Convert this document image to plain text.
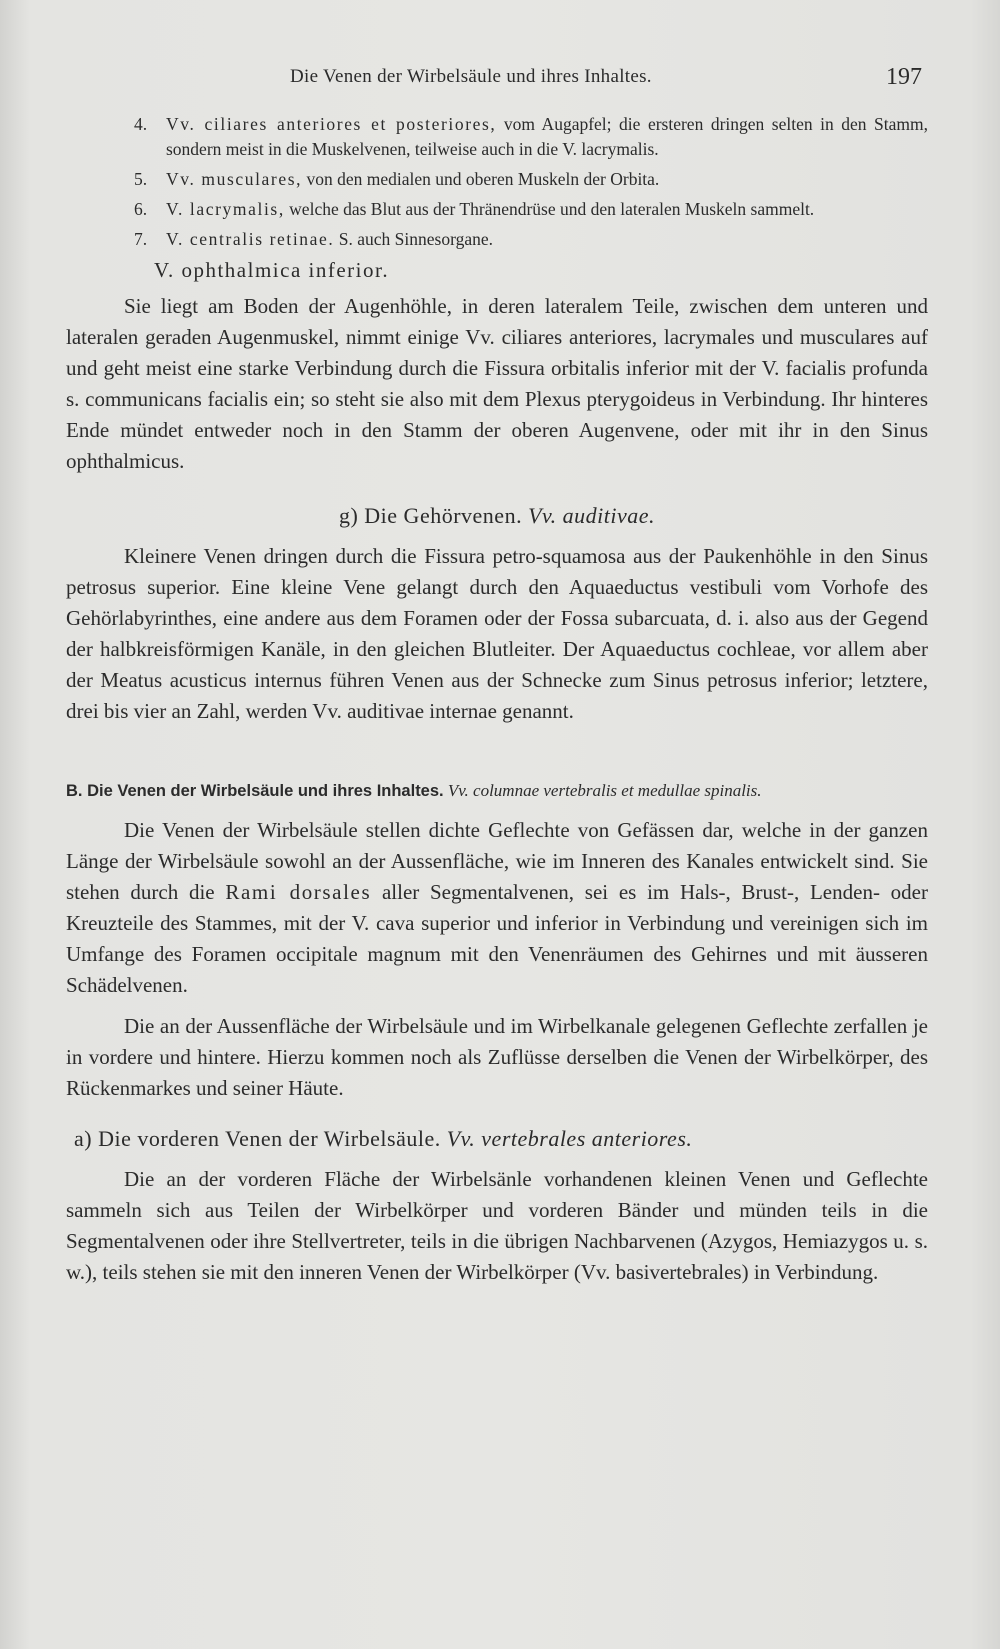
Die Venen der Wirbelsäule und ihres Inhaltes.	197
4. Vv. ciliares anteriores et posteriores, vom Augapfel; die ersteren dringen selten in den Stamm, sondern meist in die Muskelvenen, teilweise auch in die V. lacrymalis.
5. Vv. musculares, von den medialen und oberen Muskeln der Orbita.
6. V. lacrymalis, welche das Blut aus der Thränendrüse und den lateralen Muskeln sammelt.
7. V. centralis retinae. S. auch Sinnesorgane.
V. ophthalmica inferior.

Sie liegt am Boden der Augenhöhle, in deren lateralem Teile, zwischen dem unteren und lateralen geraden Augenmuskel, nimmt einige Vv. ciliares anteriores, lacrymales und musculares auf und geht meist eine starke Verbindung durch die Fissura orbitalis inferior mit der V. facialis profunda s. communicans facialis ein; so steht sie also mit dem Plexus pterygoideus in Verbindung. Ihr hinteres Ende mündet entweder noch in den Stamm der oberen Augenvene, oder mit ihr in den Sinus ophthalmicus.

g) Die Gehörvenen. Vv. auditivae.

Kleinere Venen dringen durch die Fissura petro-squamosa aus der Paukenhöhle in den Sinus petrosus superior. Eine kleine Vene gelangt durch den Aquaeductus vestibuli vom Vorhofe des Gehörlabyrinthes, eine andere aus dem Foramen oder der Fossa subarcuata, d. i. also aus der Gegend der halbkreisförmigen Kanäle, in den gleichen Blutleiter. Der Aquaeductus cochleae, vor allem aber der Meatus acusticus internus führen Venen aus der Schnecke zum Sinus petrosus inferior; letztere, drei bis vier an Zahl, werden Vv. auditivae internae genannt.

B. Die Venen der Wirbelsäule und ihres Inhaltes. Vv. columnae vertebralis et medullae spinalis.

Die Venen der Wirbelsäule stellen dichte Geflechte von Gefässen dar, welche in der ganzen Länge der Wirbelsäule sowohl an der Aussenfläche, wie im Inneren des Kanales entwickelt sind. Sie stehen durch die Rami dorsales aller Segmentalvenen, sei es im Hals-, Brust-, Lenden- oder Kreuzteile des Stammes, mit der V. cava superior und inferior in Verbindung und vereinigen sich im Umfange des Foramen occipitale magnum mit den Venenräumen des Gehirnes und mit äusseren Schädelvenen.

Die an der Aussenfläche der Wirbelsäule und im Wirbelkanale gelegenen Geflechte zerfallen je in vordere und hintere. Hierzu kommen noch als Zuflüsse derselben die Venen der Wirbelkörper, des Rückenmarkes und seiner Häute.

a) Die vorderen Venen der Wirbelsäule. Vv. vertebrales anteriores.

Die an der vorderen Fläche der Wirbelsänle vorhandenen kleinen Venen und Geflechte sammeln sich aus Teilen der Wirbelkörper und vorderen Bänder und münden teils in die Segmentalvenen oder ihre Stellvertreter, teils in die übrigen Nachbarvenen (Azygos, Hemiazygos u. s. w.), teils stehen sie mit den inneren Venen der Wirbelkörper (Vv. basivertebrales) in Verbindung.
